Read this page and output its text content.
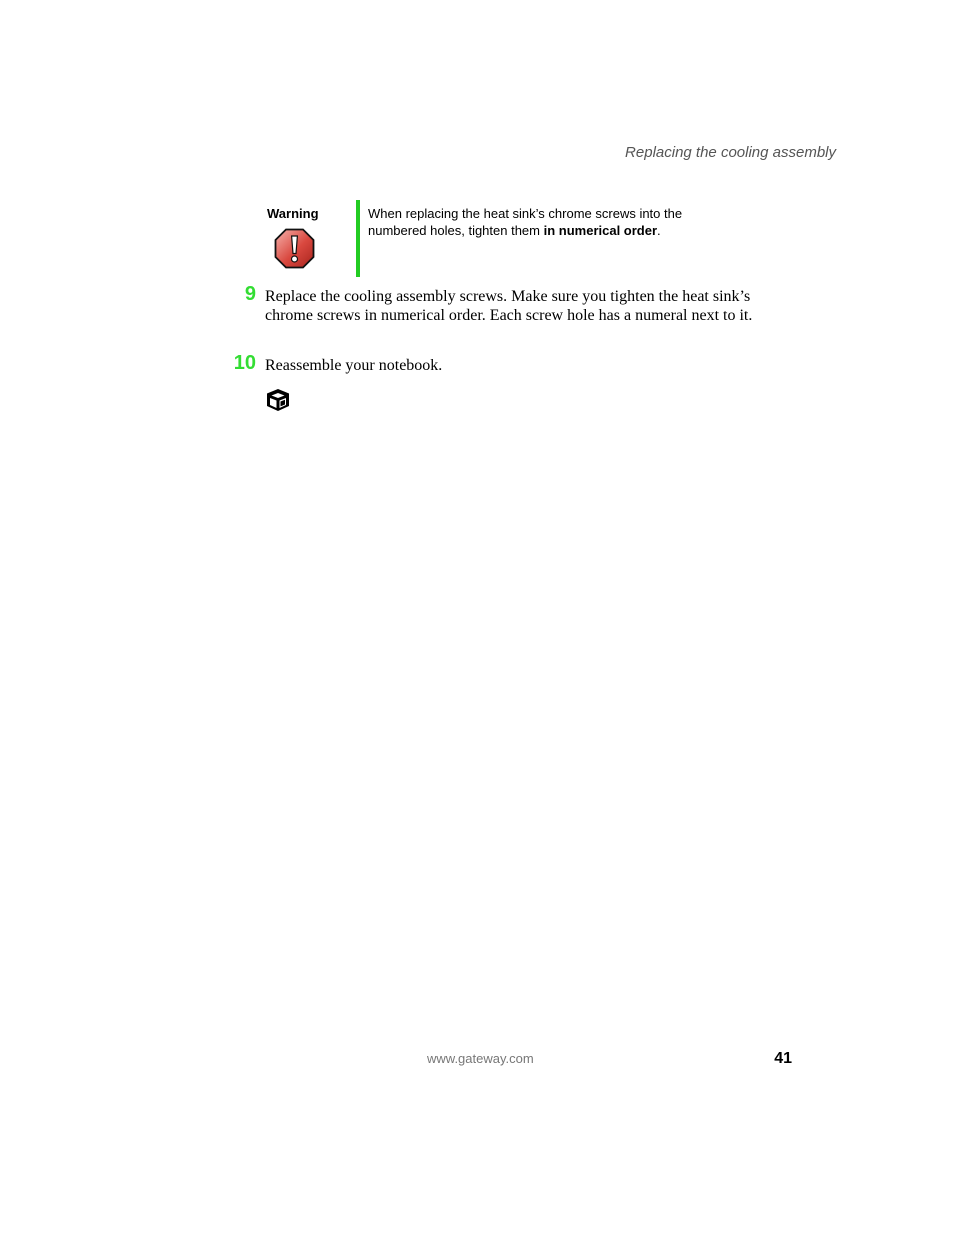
Replacing the cooling assembly
Warning	When replacing the heat sink’s chrome screws into the numbered holes, tighten them in numerical order.
9 Replace the cooling assembly screws. Make sure you tighten the heat sink’s chrome screws in numerical order. Each screw hole has a numeral next to it.
10 Reassemble your notebook.
www.gateway.com	41
